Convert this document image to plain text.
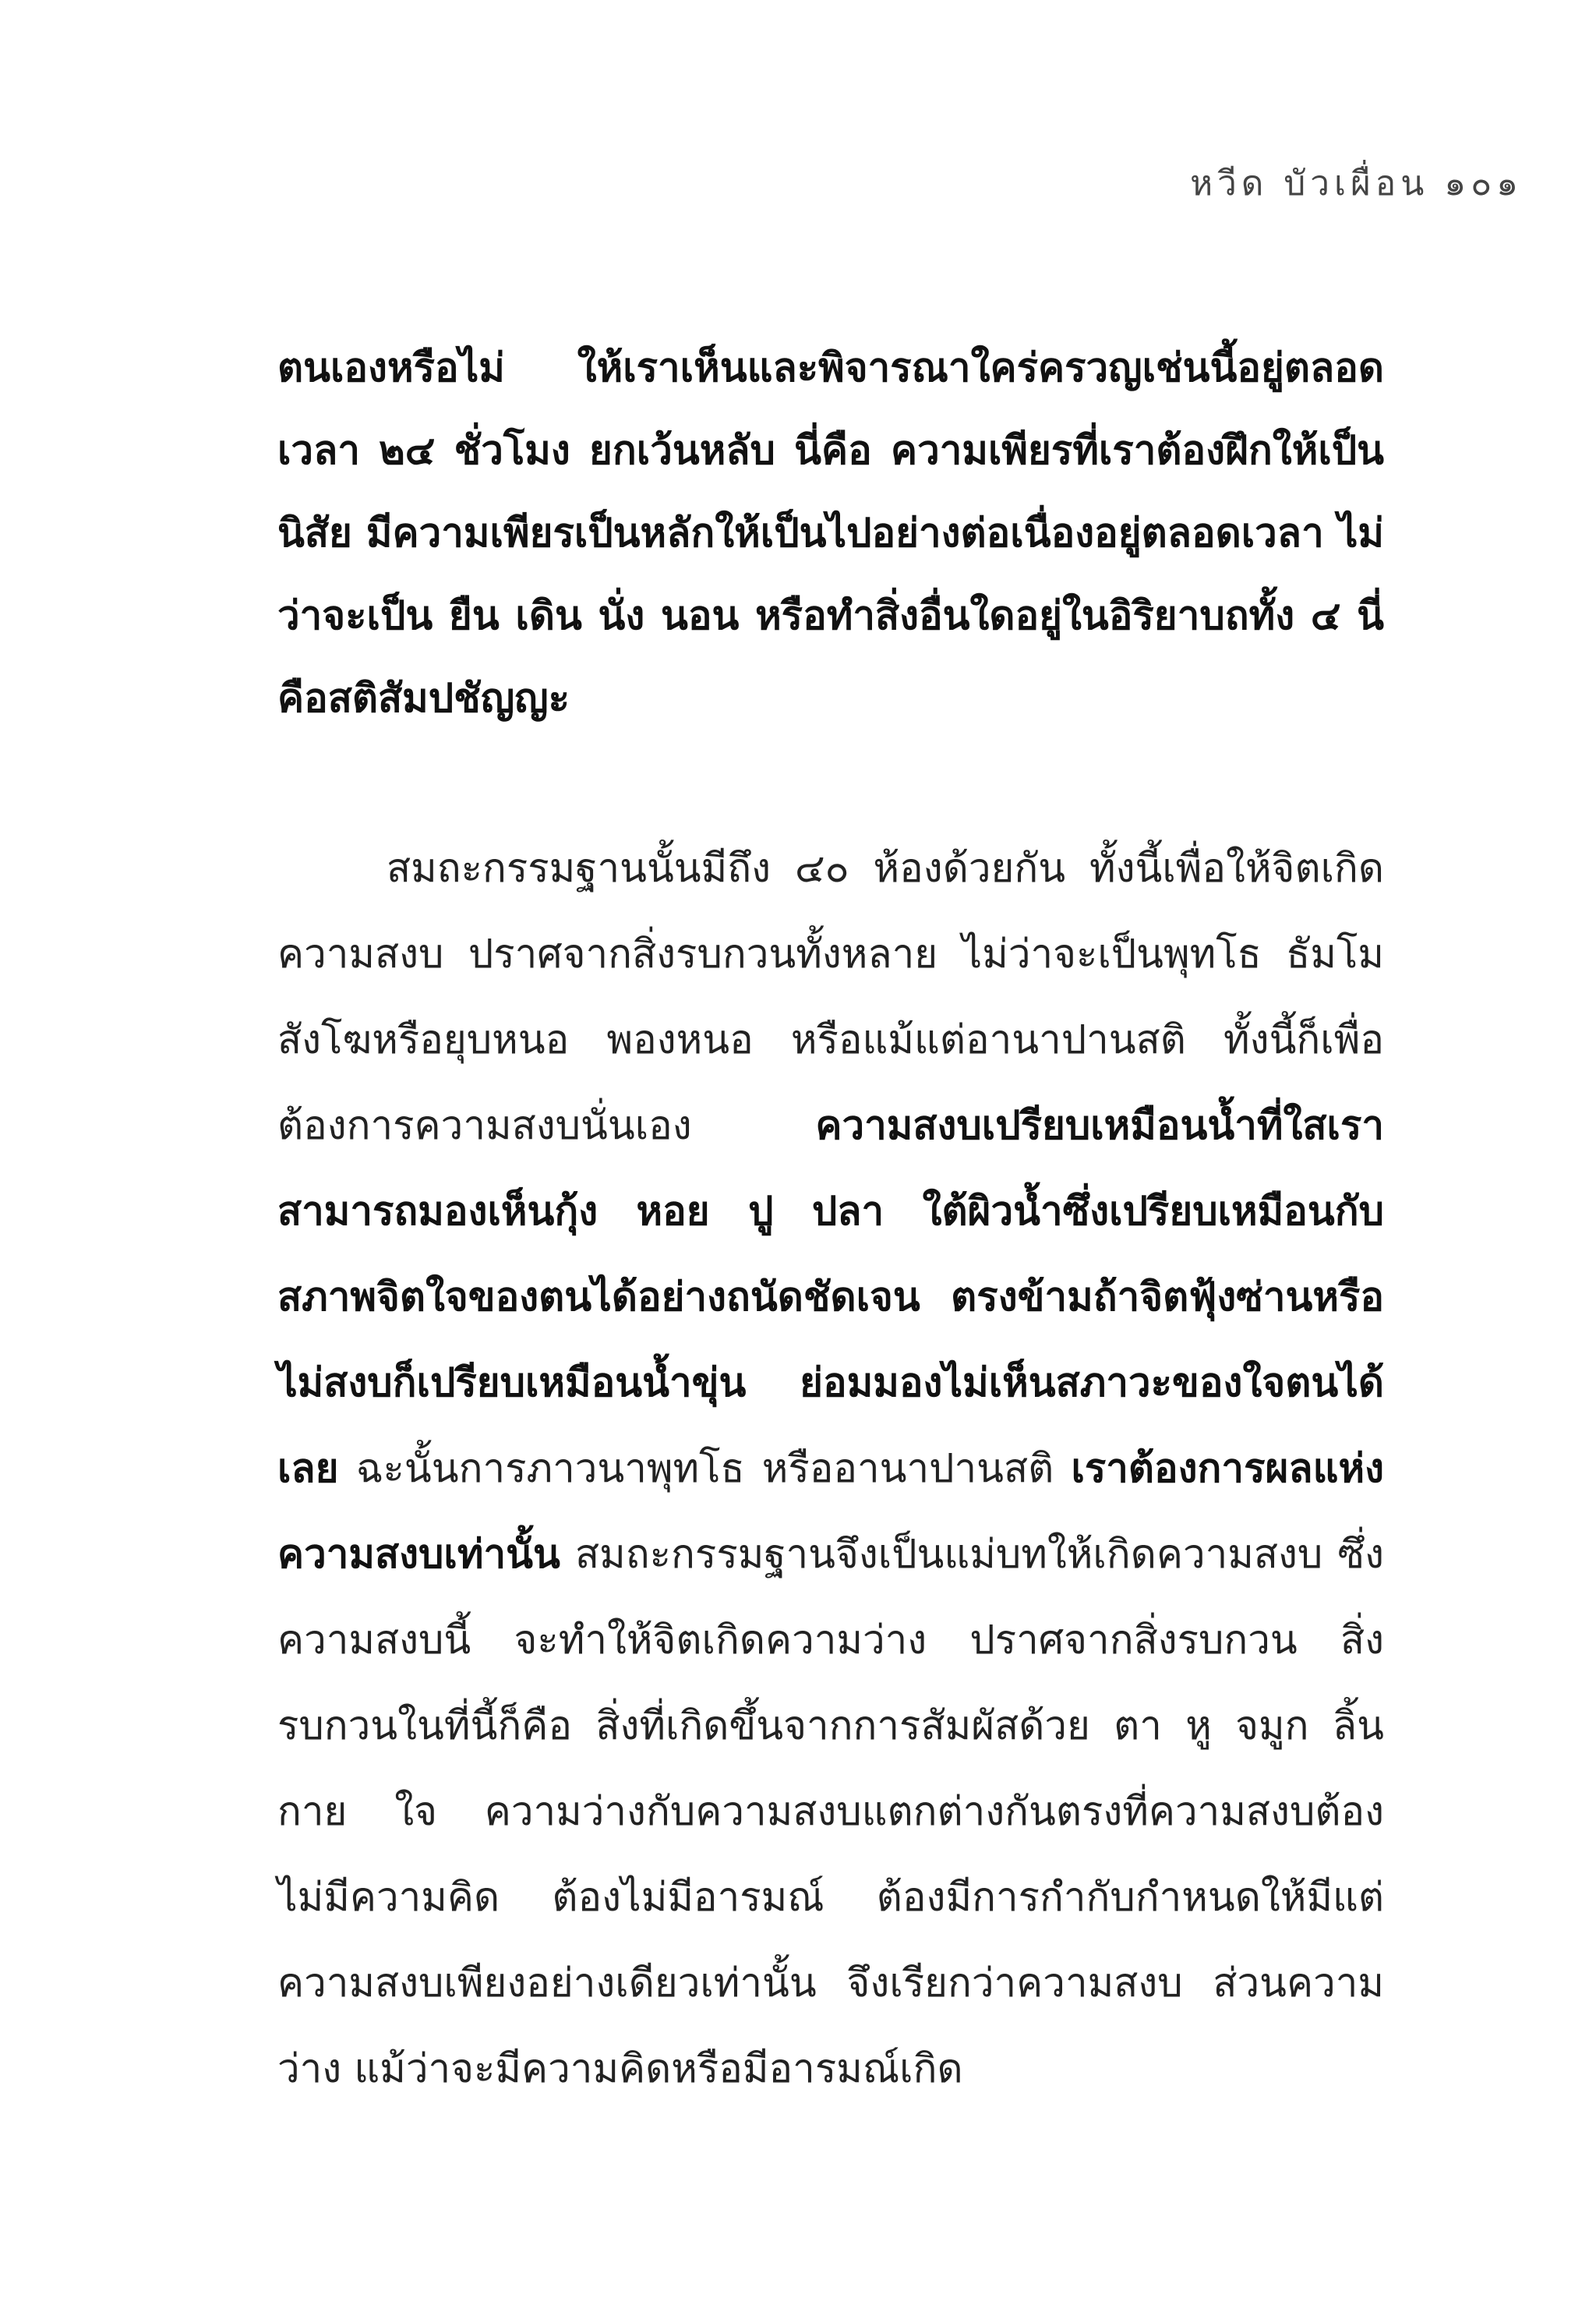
หวีด บัวเผื่อน ๑๐๑

ตนเองหรือไม่ ให้เราเห็นและพิจารณาใคร่ครวญเช่นนี้อยู่ตลอดเวลา ๒๔ ชั่วโมง ยกเว้นหลับ นี่คือ ความเพียรที่เราต้องฝึกให้เป็นนิสัย มีความเพียรเป็นหลักให้เป็นไปอย่างต่อเนื่องอยู่ตลอดเวลา ไม่ว่าจะเป็น ยืน เดิน นั่ง นอน หรือทำสิ่งอื่นใดอยู่ในอิริยาบถทั้ง ๔ นี่คือสติสัมปชัญญะ

สมถะกรรมฐานนั้นมีถึง ๔๐ ห้องด้วยกัน ทั้งนี้เพื่อให้จิตเกิดความสงบ ปราศจากสิ่งรบกวนทั้งหลาย ไม่ว่าจะเป็นพุทโธ ธัมโม สังโฆหรือยุบหนอ พองหนอ หรือแม้แต่อานาปานสติ ทั้งนี้ก็เพื่อต้องการความสงบนั่นเอง ความสงบเปรียบเหมือนน้ำที่ใสเราสามารถมองเห็นกุ้ง หอย ปู ปลา ใต้ผิวน้ำซึ่งเปรียบเหมือนกับสภาพจิตใจของตนได้อย่างถนัดชัดเจน ตรงข้ามถ้าจิตฟุ้งซ่านหรือไม่สงบก็เปรียบเหมือนน้ำขุ่น ย่อมมองไม่เห็นสภาวะของใจตนได้เลย ฉะนั้นการภาวนาพุทโธ หรืออานาปานสติ เราต้องการผลแห่งความสงบเท่านั้น สมถะกรรมฐานจึงเป็นแม่บทให้เกิดความสงบ ซึ่งความสงบนี้ จะทำให้จิตเกิดความว่าง ปราศจากสิ่งรบกวน สิ่งรบกวนในที่นี้ก็คือ สิ่งที่เกิดขึ้นจากการสัมผัสด้วย ตา หู จมูก ลิ้น กาย ใจ ความว่างกับความสงบแตกต่างกันตรงที่ความสงบต้องไม่มีความคิด ต้องไม่มีอารมณ์ ต้องมีการกำกับกำหนดให้มีแต่ความสงบเพียงอย่างเดียวเท่านั้น จึงเรียกว่าความสงบ ส่วนความว่าง แม้ว่าจะมีความคิดหรือมีอารมณ์เกิด
